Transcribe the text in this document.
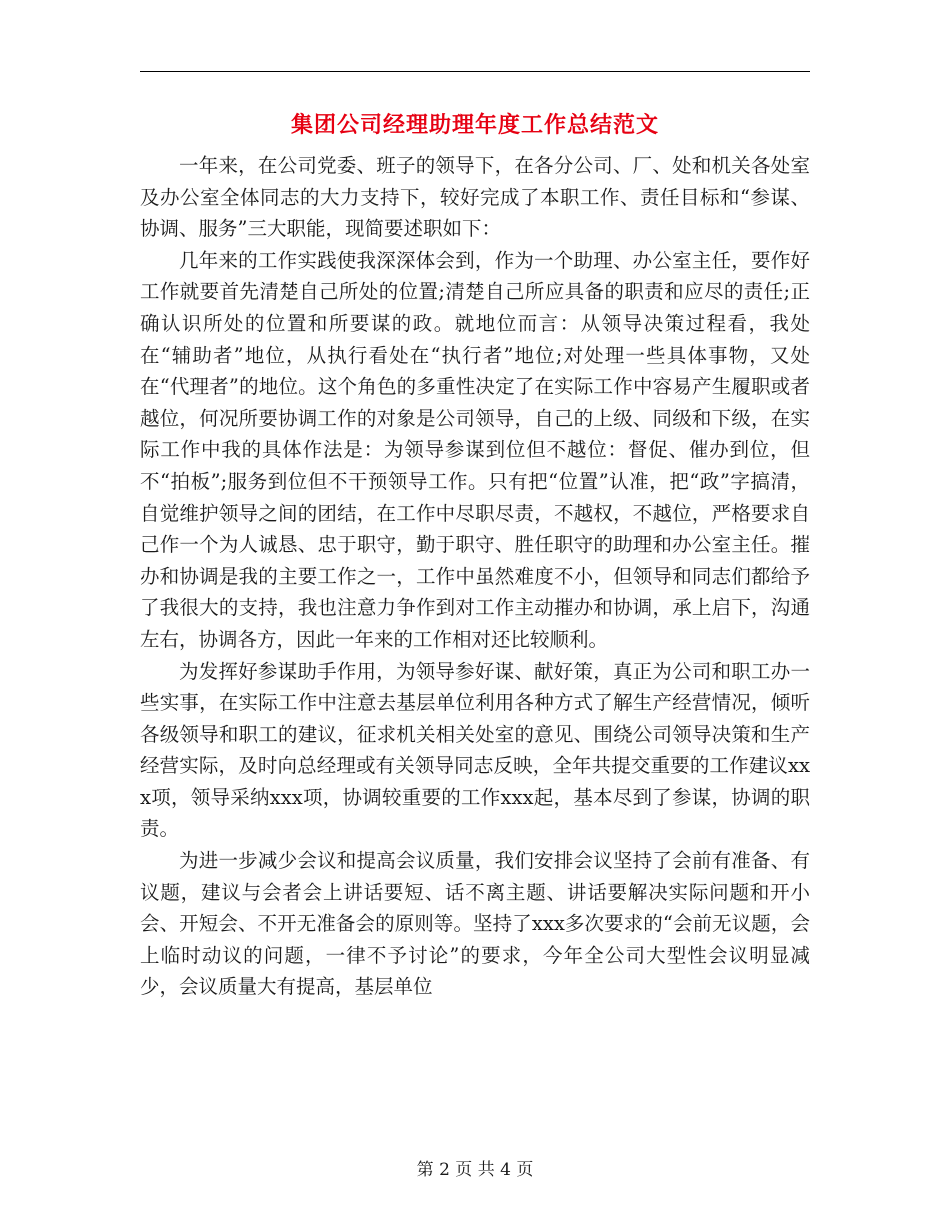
集团公司经理助理年度工作总结范文

一年来，在公司党委、班子的领导下，在各分公司、厂、处和机关各处室及办公室全体同志的大力支持下，较好完成了本职工作、责任目标和“参谋、协调、服务”三大职能，现简要述职如下：

几年来的工作实践使我深深体会到，作为一个助理、办公室主任，要作好工作就要首先清楚自己所处的位置;清楚自己所应具备的职责和应尽的责任;正确认识所处的位置和所要谋的政。就地位而言：从领导决策过程看，我处在“辅助者”地位，从执行看处在“执行者”地位;对处理一些具体事物，又处在“代理者”的地位。这个角色的多重性决定了在实际工作中容易产生履职或者越位，何况所要协调工作的对象是公司领导，自己的上级、同级和下级，在实际工作中我的具体作法是：为领导参谋到位但不越位：督促、催办到位，但不“拍板”;服务到位但不干预领导工作。只有把“位置”认准，把“政”字搞清，自觉维护领导之间的团结，在工作中尽职尽责，不越权，不越位，严格要求自己作一个为人诚恳、忠于职守，勤于职守、胜任职守的助理和办公室主任。摧办和协调是我的主要工作之一，工作中虽然难度不小，但领导和同志们都给予了我很大的支持，我也注意力争作到对工作主动摧办和协调，承上启下，沟通左右，协调各方，因此一年来的工作相对还比较顺利。

为发挥好参谋助手作用，为领导参好谋、献好策，真正为公司和职工办一些实事，在实际工作中注意去基层单位利用各种方式了解生产经营情况，倾听各级领导和职工的建议，征求机关相关处室的意见、围绕公司领导决策和生产经营实际，及时向总经理或有关领导同志反映，全年共提交重要的工作建议xxx项，领导采纳xxx项，协调较重要的工作xxx起，基本尽到了参谋，协调的职责。

为进一步减少会议和提高会议质量，我们安排会议坚持了会前有准备、有议题，建议与会者会上讲话要短、话不离主题、讲话要解决实际问题和开小会、开短会、不开无准备会的原则等。坚持了xxx多次要求的“会前无议题，会上临时动议的问题，一律不予讨论”的要求，今年全公司大型性会议明显减少，会议质量大有提高，基层单位

第 2 页 共 4 页
